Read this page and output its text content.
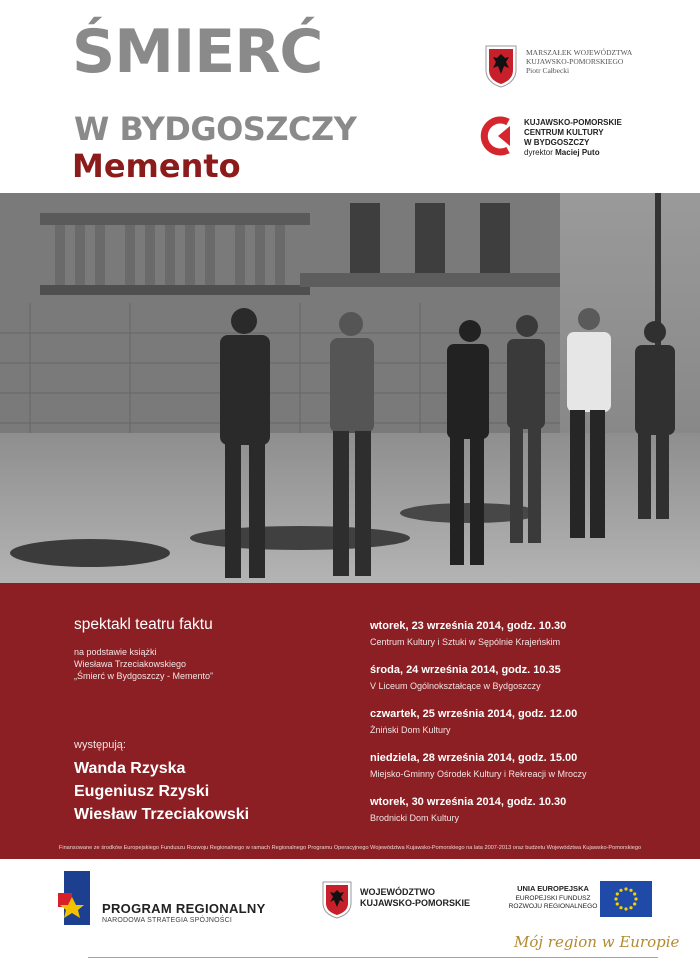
ŚMIERĆ
W BYDGOSZCZY
Memento
MARSZAŁEK WOJEWÓDZTWA
KUJAWSKO-POMORSKIEGO
Piotr Całbecki
KUJAWSKO-POMORSKIE
CENTRUM KULTURY
W BYDGOSZCZY
dyrektor Maciej Puto
spektakl teatru faktu
na podstawie książki
Wiesława Trzeciakowskiego
„Śmierć w Bydgoszczy - Memento”
występują:
Wanda Rzyska
Eugeniusz Rzyski
Wiesław Trzeciakowski
wtorek, 23 września 2014, godz. 10.30
Centrum Kultury i Sztuki w Sępólnie Krajeńskim
środa, 24 września 2014, godz. 10.35
V Liceum Ogólnokształcące w Bydgoszczy
czwartek, 25 września 2014, godz. 12.00
Żniński Dom Kultury
niedziela, 28 września 2014, godz. 15.00
Miejsko-Gminny Ośrodek Kultury i Rekreacji w Mroczy
wtorek, 30 września 2014, godz. 10.30
Brodnicki Dom Kultury
Finansowane ze środków Europejskiego Funduszu Rozwoju Regionalnego w ramach Regionalnego Programu Operacyjnego Województwa Kujawsko-Pomorskiego na lata 2007-2013 oraz budżetu Województwa Kujawsko-Pomorskiego
PROGRAM REGIONALNY
NARODOWA STRATEGIA SPÓJNOŚCI
WOJEWÓDZTWO
KUJAWSKO-POMORSKIE
UNIA EUROPEJSKA
EUROPEJSKI FUNDUSZ
ROZWOJU REGIONALNEGO
Mój region w Europie
